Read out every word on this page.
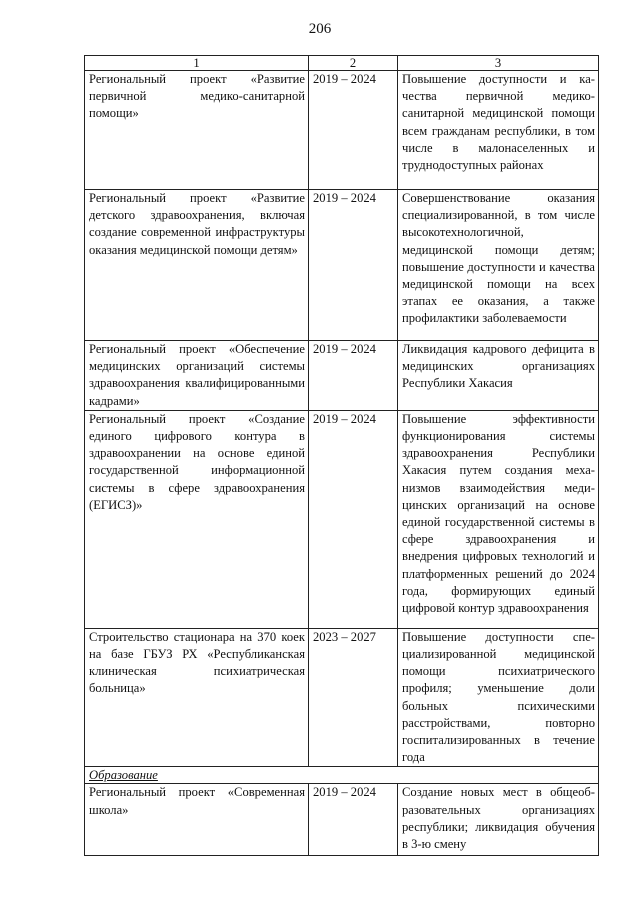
206
1	2	3
Региональный проект «Развитие первичной медико-санитарной помощи»	2019 – 2024	Повышение доступности и качества первичной медико-санитарной медицинской помощи всем гражданам республики, в том числе в малонаселенных и труднодоступных районах
Региональный проект «Развитие детского здравоохранения, включая создание современной инфраструктуры оказания медицинской помощи детям»	2019 – 2024	Совершенствование оказания специализированной, в том числе высокотехнологичной, медицинской помощи детям; повышение доступности и качества медицинской помощи на всех этапах ее оказания, а также профилактики заболеваемости
Региональный проект «Обеспечение медицинских организаций системы здравоохранения квалифицированными кадрами»	2019 – 2024	Ликвидация кадрового дефицита в медицинских организациях Республики Хакасия
Региональный проект «Создание единого цифрового контура в здравоохранении на основе единой государственной информационной системы в сфере здравоохранения (ЕГИСЗ)»	2019 – 2024	Повышение эффективности функционирования системы здравоохранения Республики Хакасия путем создания механизмов взаимодействия медицинских организаций на основе единой государственной системы в сфере здравоохранения и внедрения цифровых технологий и платформенных решений до 2024 года, формирующих единый цифровой контур здравоохранения
Строительство стационара на 370 коек на базе ГБУЗ РХ «Республиканская клиническая психиатрическая больница»	2023 – 2027	Повышение доступности специализированной медицинской помощи психиатрического профиля; уменьшение доли больных психическими расстройствами, повторно госпитализированных в течение года
Образование		
Региональный проект «Современная школа»	2019 – 2024	Создание новых мест в общеобразовательных организациях республики; ликвидация обучения в 3-ю смену
